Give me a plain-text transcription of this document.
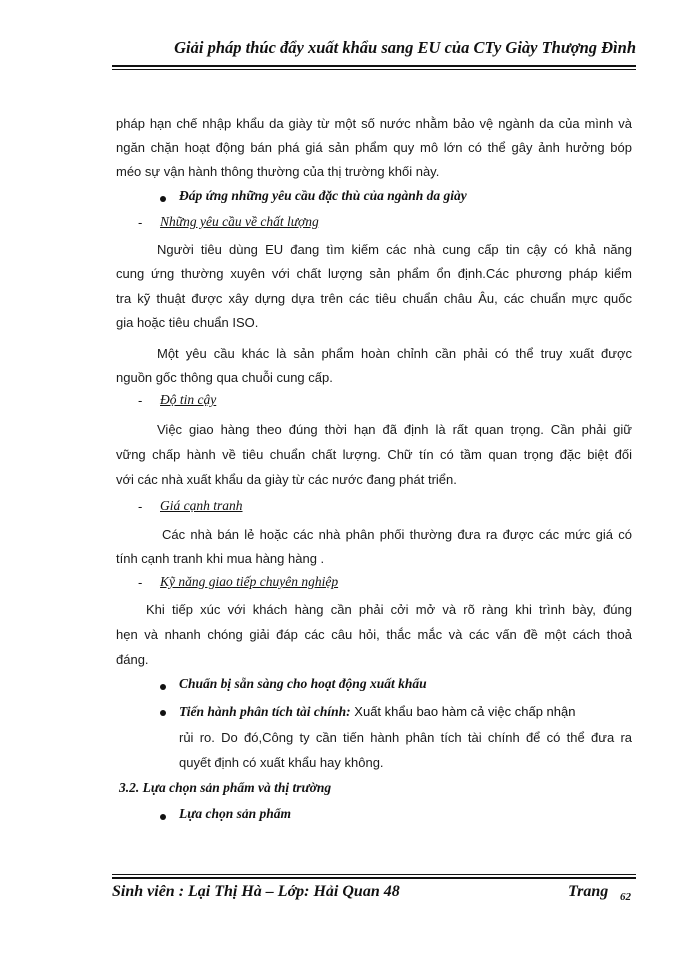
Giải pháp thúc đẩy xuất khẩu sang EU của CTy Giày Thượng Đình
pháp hạn chế nhập khẩu da giày từ một số nước nhằm bảo vệ ngành da của mình và
ngăn chặn hoạt động bán phá giá sản phẩm quy mô lớn có thể gây ảnh hưởng bóp
méo sự vận hành thông thường của thị trường khối này.
Đáp ứng những yêu cầu đặc thù của ngành da giày
- Những yêu cầu về chất lượng
Người tiêu dùng EU đang tìm kiếm các nhà cung cấp tin cậy có khả năng
cung ứng thường xuyên với chất lượng sản phẩm ổn định.Các phương pháp kiểm
tra kỹ thuật được xây dựng dựa trên các tiêu chuẩn châu Âu, các chuẩn mực quốc
gia hoặc tiêu chuẩn ISO.
Một yêu cầu khác là sản phẩm hoàn chỉnh cần phải có thể truy xuất được
nguồn gốc thông qua chuỗi cung cấp.
- Độ tin cậy
Việc giao hàng theo đúng thời hạn đã định là rất quan trọng. Cần phải giữ
vững chấp hành về tiêu chuẩn chất lượng. Chữ tín có tầm quan trọng đặc biệt đối
với các nhà xuất khẩu da giày từ các nước đang phát triển.
- Giá cạnh tranh
Các nhà bán lẻ hoặc các nhà phân phối thường đưa ra được các mức giá có
tính cạnh tranh khi mua hàng hàng .
- Kỹ năng giao tiếp chuyên nghiệp
Khi tiếp xúc với khách hàng cần phải cởi mở và rõ ràng khi trình bày, đúng
hẹn và nhanh chóng giải đáp các câu hỏi, thắc mắc và các vấn đề một cách thoả
đáng.
Chuẩn bị sẵn sàng cho hoạt động xuất khẩu
Tiến hành phân tích tài chính: Xuất khẩu bao hàm cả việc chấp nhận
rủi ro. Do đó,Công ty cần tiến hành phân tích tài chính để có thể đưa ra
quyết định có xuất khẩu hay không.
3.2. Lựa chọn sản phẩm và thị trường
Lựa chọn sản phẩm
Sinh viên : Lại Thị Hà – Lớp: Hải Quan 48	Trang 62
